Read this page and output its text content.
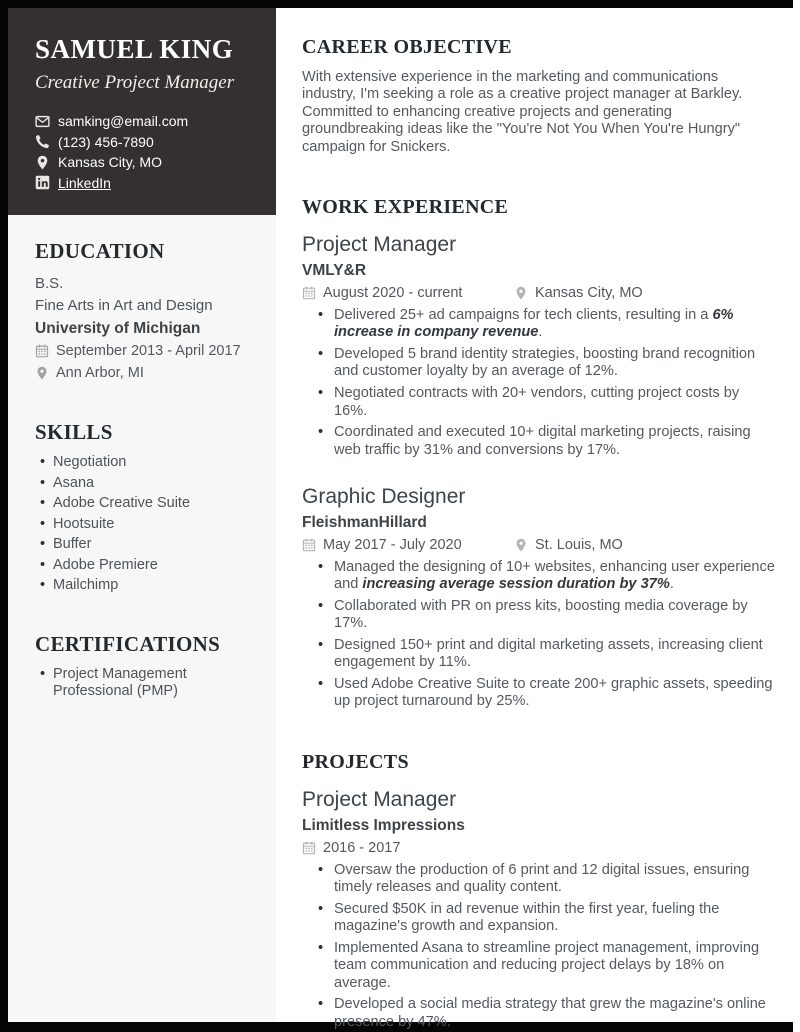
SAMUEL KING
Creative Project Manager
samking@email.com
(123) 456-7890
Kansas City, MO
LinkedIn
EDUCATION
B.S.
Fine Arts in Art and Design
University of Michigan
September 2013 - April 2017
Ann Arbor, MI
SKILLS
• Negotiation
• Asana
• Adobe Creative Suite
• Hootsuite
• Buffer
• Adobe Premiere
• Mailchimp
CERTIFICATIONS
• Project Management Professional (PMP)
CAREER OBJECTIVE

With extensive experience in the marketing and communications industry, I'm seeking a role as a creative project manager at Barkley. Committed to enhancing creative projects and generating groundbreaking ideas like the "You're Not You When You're Hungry" campaign for Snickers.

WORK EXPERIENCE
Project Manager
VMLY&R
August 2020 - current	Kansas City, MO
• Delivered 25+ ad campaigns for tech clients, resulting in a 6% increase in company revenue.
• Developed 5 brand identity strategies, boosting brand recognition and customer loyalty by an average of 12%.
• Negotiated contracts with 20+ vendors, cutting project costs by 16%.
• Coordinated and executed 10+ digital marketing projects, raising web traffic by 31% and conversions by 17%.
Graphic Designer
FleishmanHillard
May 2017 - July 2020	St. Louis, MO
• Managed the designing of 10+ websites, enhancing user experience and increasing average session duration by 37%.
• Collaborated with PR on press kits, boosting media coverage by 17%.
• Designed 150+ print and digital marketing assets, increasing client engagement by 11%.
• Used Adobe Creative Suite to create 200+ graphic assets, speeding up project turnaround by 25%.
PROJECTS
Project Manager
Limitless Impressions
2016 - 2017
• Oversaw the production of 6 print and 12 digital issues, ensuring timely releases and quality content.
• Secured $50K in ad revenue within the first year, fueling the magazine's growth and expansion.
• Implemented Asana to streamline project management, improving team communication and reducing project delays by 18% on average.
• Developed a social media strategy that grew the magazine's online presence by 47%.
